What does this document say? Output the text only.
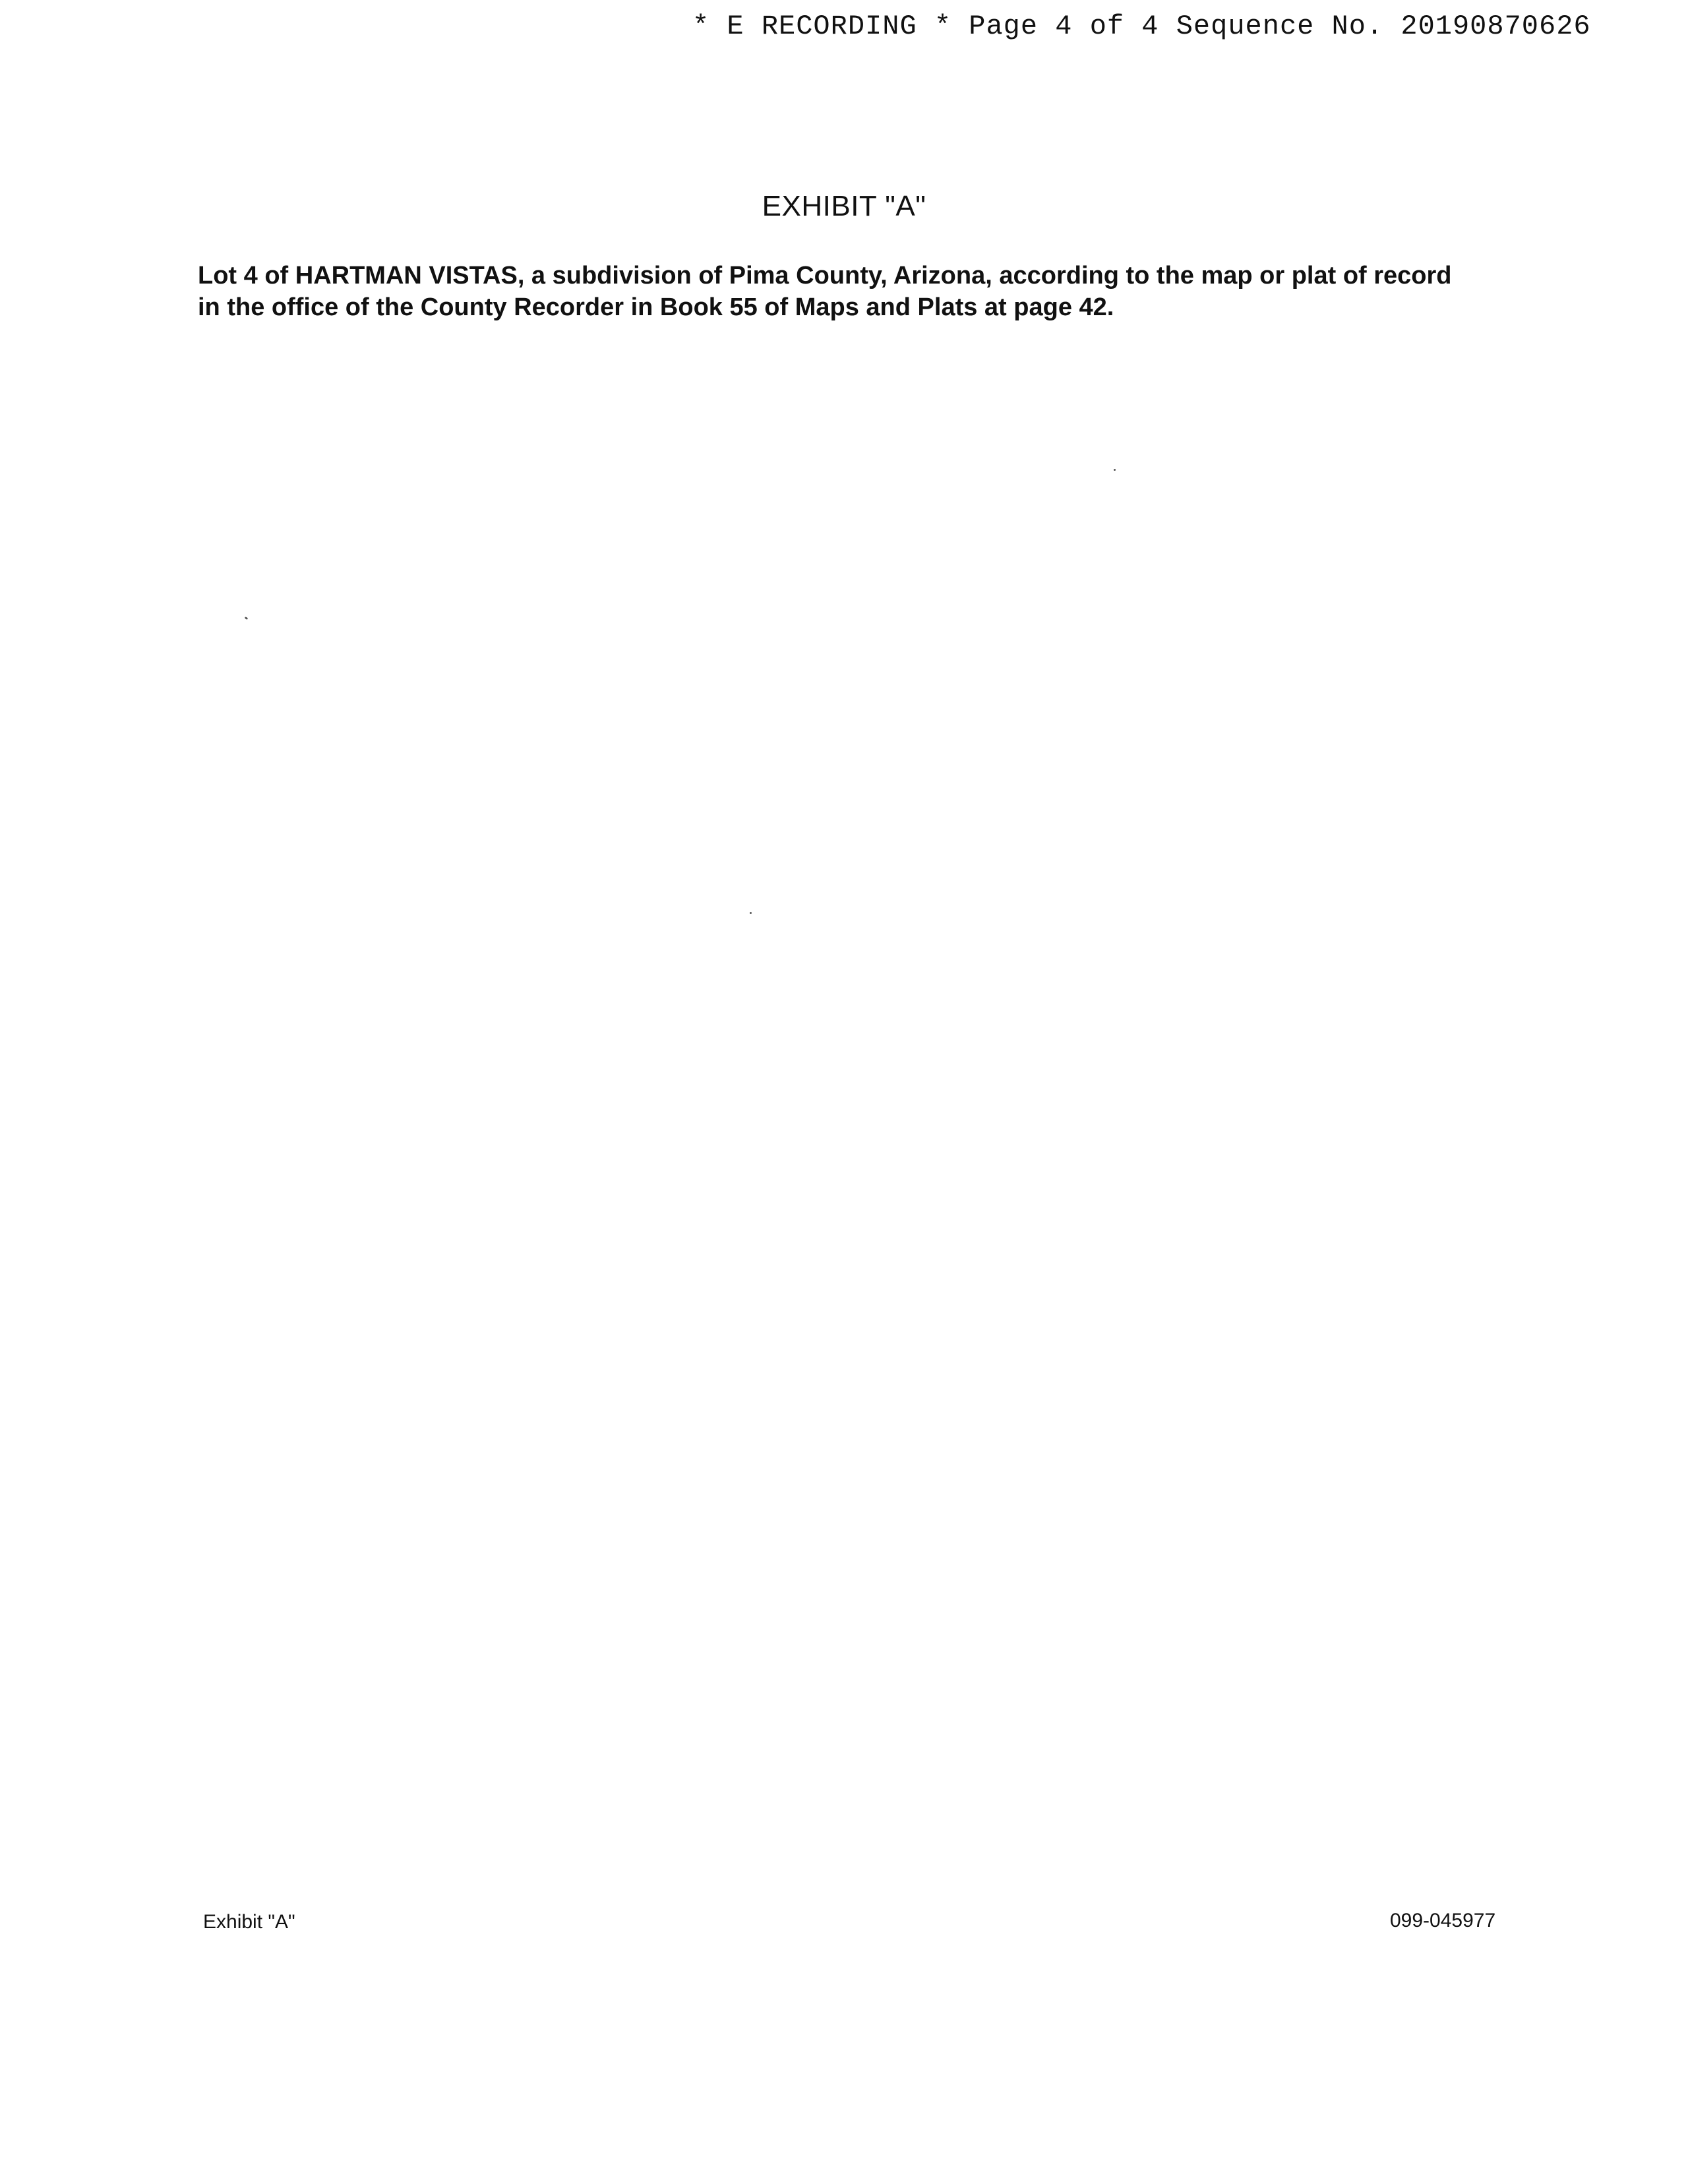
* E RECORDING * Page 4 of 4 Sequence No. 20190870626
EXHIBIT "A"

Lot 4 of HARTMAN VISTAS, a subdivision of Pima County, Arizona, according to the map or plat of record
in the office of the County Recorder in Book 55 of Maps and Plats at page 42.

Exhibit "A"	099-045977
